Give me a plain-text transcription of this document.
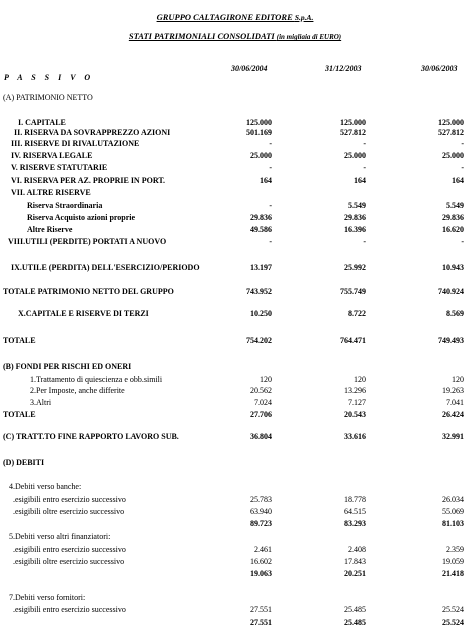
GRUPPO CALTAGIRONE EDITORE S.p.A.
STATI PATRIMONIALI CONSOLIDATI (in migliaia di EURO)
30/06/2004	31/12/2003	30/06/2003
P A S S I V O
(A) PATRIMONIO NETTO
I. CAPITALE	125.000	125.000	125.000
II. RISERVA DA SOVRAPPREZZO AZIONI	501.169	527.812	527.812
III. RISERVE DI RIVALUTAZIONE	-	-	-
IV. RISERVA LEGALE	25.000	25.000	25.000
V. RISERVE STATUTARIE	-	-	-
VI. RISERVA PER AZ. PROPRIE IN PORT.	164	164	164
VII. ALTRE RISERVE
Riserva Straordinaria	-	5.549	5.549
Riserva Acquisto azioni proprie	29.836	29.836	29.836
Altre Riserve	49.586	16.396	16.620
VIII.UTILI (PERDITE) PORTATI A NUOVO	-	-	-
IX.UTILE (PERDITA) DELL'ESERCIZIO/PERIODO	13.197	25.992	10.943
TOTALE PATRIMONIO NETTO DEL GRUPPO	743.952	755.749	740.924
X.CAPITALE E RISERVE DI TERZI	10.250	8.722	8.569
TOTALE	754.202	764.471	749.493
(B) FONDI PER RISCHI ED ONERI
1.Trattamento di quiescienza e obb.simili	120	120	120
2.Per Imposte, anche differite	20.562	13.296	19.263
3.Altri	7.024	7.127	7.041
TOTALE	27.706	20.543	26.424
(C) TRATT.TO FINE RAPPORTO LAVORO SUB.	36.804	33.616	32.991
(D) DEBITI
4.Debiti verso banche:
.esigibili entro esercizio successivo	25.783	18.778	26.034
.esigibili oltre esercizio successivo	63.940	64.515	55.069
89.723	83.293	81.103
5.Debiti verso altri finanziatori:
.esigibili entro esercizio successivo	2.461	2.408	2.359
.esigibili oltre esercizio successivo	16.602	17.843	19.059
19.063	20.251	21.418
7.Debiti verso fornitori:
.esigibili entro esercizio successivo	27.551	25.485	25.524
27.551	25.485	25.524
